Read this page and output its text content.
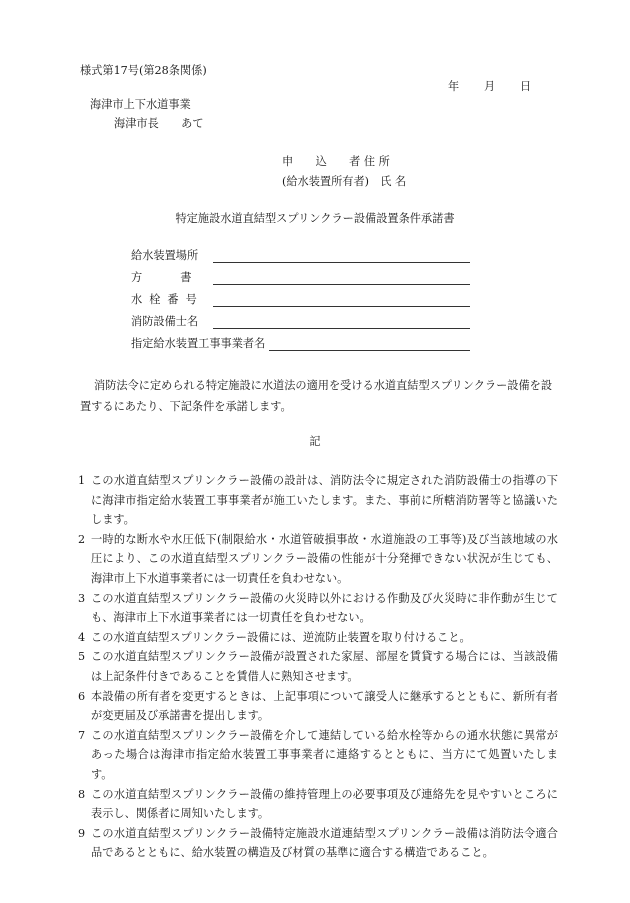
様式第17号(第28条関係)
年 月 日
海津市上下水道事業
海津市長　　あて
申　　込　　者 住 所
(給水装置所有者)　氏 名
特定施設水道直結型スプリンクラー設備設置条件承諾書
給水装置場所
方書
水栓番号
消防設備士名
指定給水装置工事事業者名
消防法令に定められる特定施設に水道法の適用を受ける水道直結型スプリンクラー設備を設置するにあたり、下記条件を承諾します。
記
1 この水道直結型スプリンクラー設備の設計は、消防法令に規定された消防設備士の指導の下に海津市指定給水装置工事事業者が施工いたします。また、事前に所轄消防署等と協議いたします。
2 一時的な断水や水圧低下(制限給水・水道管破損事故・水道施設の工事等)及び当該地域の水圧により、この水道直結型スプリンクラー設備の性能が十分発揮できない状況が生じても、海津市上下水道事業者には一切責任を負わせない。
3 この水道直結型スプリンクラー設備の火災時以外における作動及び火災時に非作動が生じても、海津市上下水道事業者には一切責任を負わせない。
4 この水道直結型スプリンクラー設備には、逆流防止装置を取り付けること。
5 この水道直結型スプリンクラー設備が設置された家屋、部屋を賃貸する場合には、当該設備は上記条件付きであることを賃借人に熟知させます。
6 本設備の所有者を変更するときは、上記事項について譲受人に継承するとともに、新所有者が変更届及び承諾書を提出します。
7 この水道直結型スプリンクラー設備を介して連結している給水栓等からの通水状態に異常があった場合は海津市指定給水装置工事事業者に連絡するとともに、当方にて処置いたします。
8 この水道直結型スプリンクラー設備の維持管理上の必要事項及び連絡先を見やすいところに表示し、関係者に周知いたします。
9 この水道直結型スプリンクラー設備特定施設水道連結型スプリンクラー設備は消防法令適合品であるとともに、給水装置の構造及び材質の基準に適合する構造であること。
